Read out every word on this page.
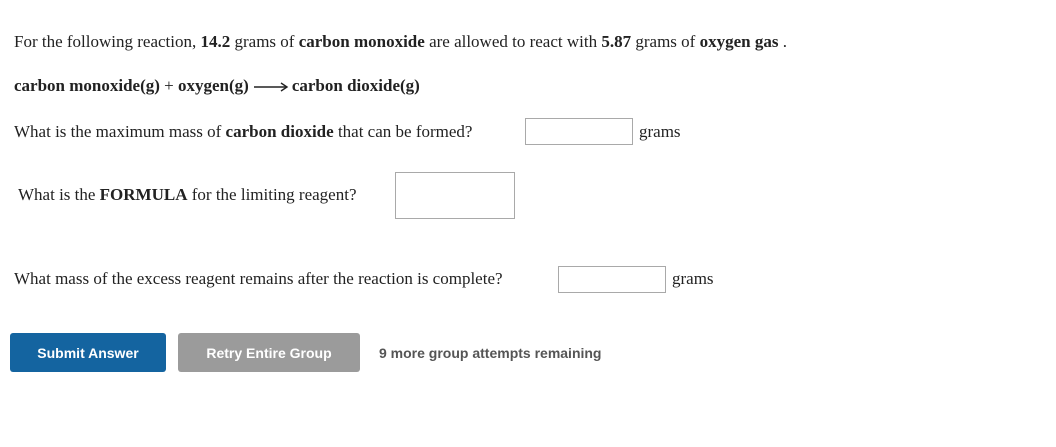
For the following reaction, 14.2 grams of carbon monoxide are allowed to react with 5.87 grams of oxygen gas .
carbon monoxide(g) + oxygen(g) → carbon dioxide(g)
What is the maximum mass of carbon dioxide that can be formed?	grams
What is the FORMULA for the limiting reagent?
What mass of the excess reagent remains after the reaction is complete?	grams
Submit Answer	Retry Entire Group	9 more group attempts remaining
